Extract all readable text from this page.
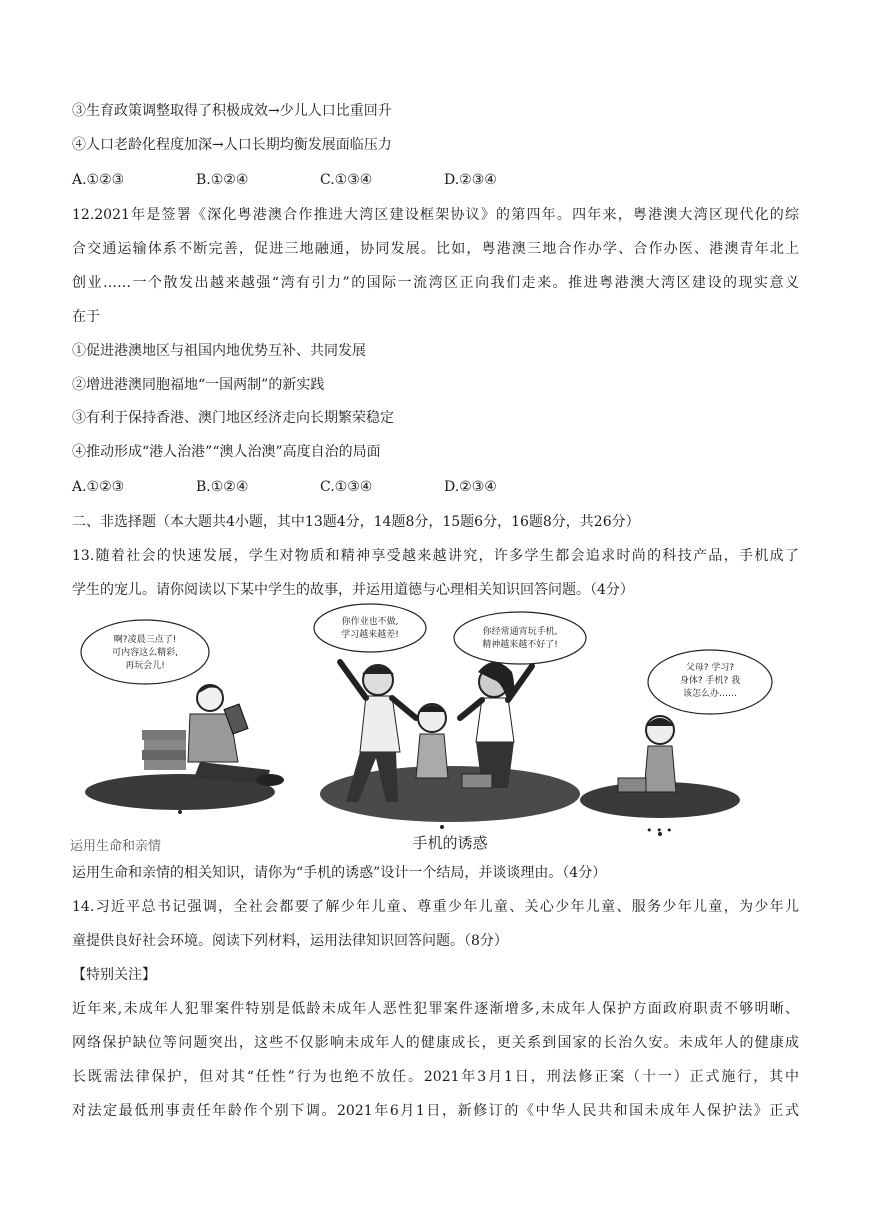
③生育政策调整取得了积极成效→少儿人口比重回升
④人口老龄化程度加深→人口长期均衡发展面临压力
A.①②③	B.①②④	C.①③④	D.②③④
12.2021年是签署《深化粤港澳合作推进大湾区建设框架协议》的第四年。四年来，粤港澳大湾区现代化的综
合交通运输体系不断完善，促进三地融通，协同发展。比如，粤港澳三地合作办学、合作办医、港澳青年北上
创业……一个散发出越来越强“湾有引力”的国际一流湾区正向我们走来。推进粤港澳大湾区建设的现实意义
在于
①促进港澳地区与祖国内地优势互补、共同发展
②增进港澳同胞福地“一国两制”的新实践
③有利于保持香港、澳门地区经济走向长期繁荣稳定
④推动形成“港人治港”“澳人治澳”高度自治的局面
A.①②③	B.①②④	C.①③④	D.②③④
二、非选择题（本大题共4小题，其中13题4分，14题8分，15题6分，16题8分，共26分）
13.随着社会的快速发展，学生对物质和精神享受越来越讲究，许多学生都会追求时尚的科技产品，手机成了
学生的宠儿。请你阅读以下某中学生的故事，并运用道德与心理相关知识回答问题。（4分）
啊?凌晨三点了!
可内容这么精彩,
再玩会儿!
你作业也不做,
学习越来越差!	你经常通宵玩手机,
精神越来越不好了!
父母? 学习?
身体? 手机? 我
该怎么办……
手机的诱惑
运用生命和亲情
• • •
运用生命和亲情的相关知识，请你为“手机的诱惑”设计一个结局，并谈谈理由。（4分）
14.习近平总书记强调，全社会都要了解少年儿童、尊重少年儿童、关心少年儿童、服务少年儿童，为少年儿
童提供良好社会环境。阅读下列材料，运用法律知识回答问题。（8分）
【特别关注】
近年来,未成年人犯罪案件特别是低龄未成年人恶性犯罪案件逐渐增多,未成年人保护方面政府职责不够明晰、
网络保护缺位等问题突出，这些不仅影响未成年人的健康成长，更关系到国家的长治久安。未成年人的健康成
长既需法律保护，但对其“任性”行为也绝不放任。2021年3月1日，刑法修正案（十一）正式施行，其中
对法定最低刑事责任年龄作个别下调。2021年6月1日，新修订的《中华人民共和国未成年人保护法》正式
